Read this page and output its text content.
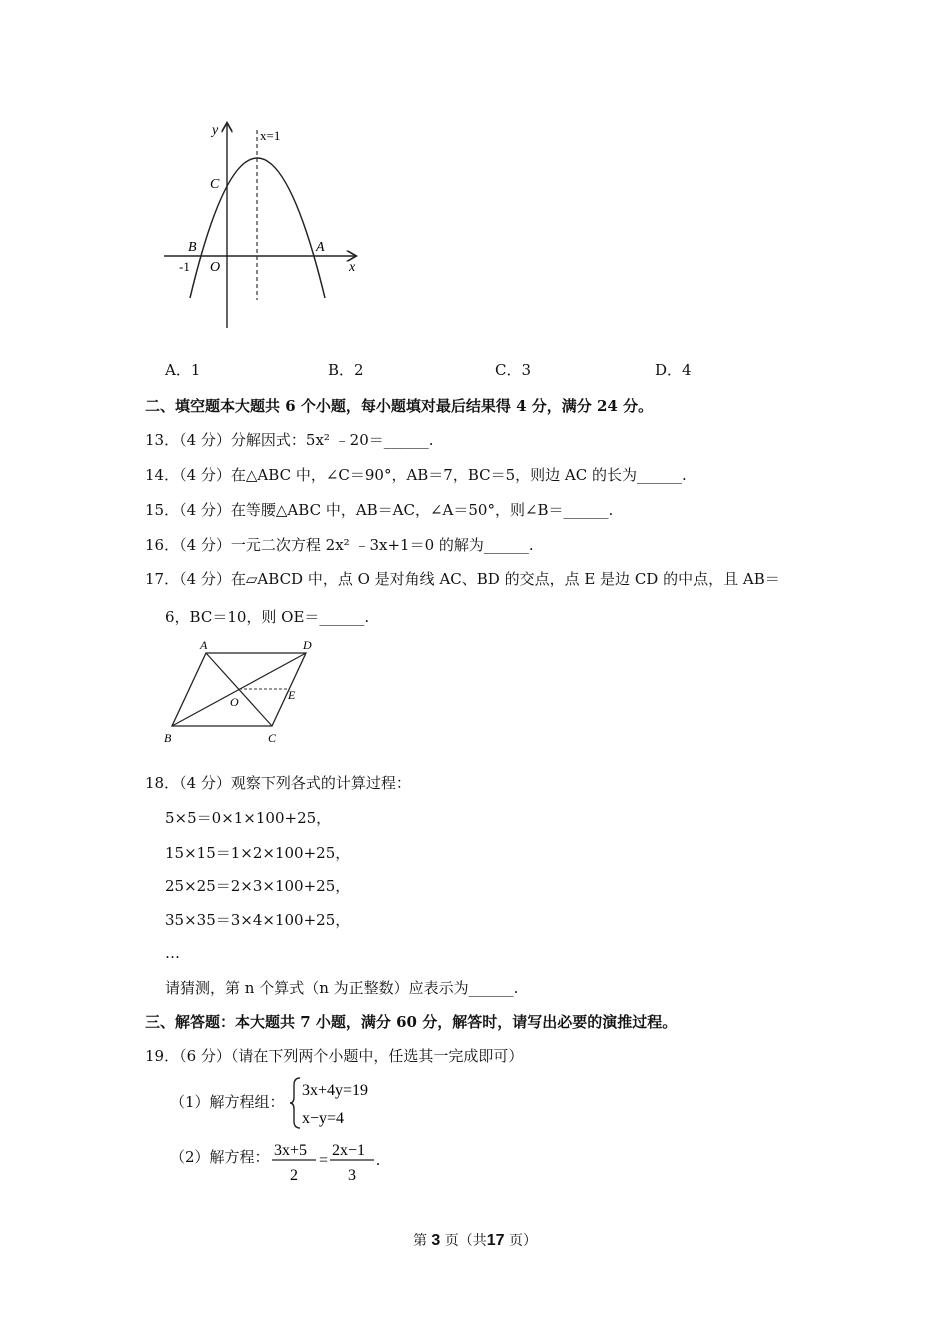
y	x=1
C
B	A
-1 O	x
A．1	B．2	C．3	D．4
二、填空题本大题共 6 个小题，每小题填对最后结果得 4 分，满分 24 分。
13．（4 分）分解因式：5x² ﹣20＝______.
14．（4 分）在△ABC 中，∠C＝90°，AB＝7，BC＝5，则边 AC 的长为______.
15．（4 分）在等腰△ABC 中，AB＝AC，∠A＝50°，则∠B＝______.
16．（4 分）一元二次方程 2x² ﹣3x+1＝0 的解为______.
17．（4 分）在▱ABCD 中，点 O 是对角线 AC、BD 的交点，点 E 是边 CD 的中点，且 AB＝
6，BC＝10，则 OE＝______.
A	D
O	E
B	C
18．（4 分）观察下列各式的计算过程：
5×5＝0×1×100+25，
15×15＝1×2×100+25，
25×25＝2×3×100+25，
35×35＝3×4×100+25，
…
请猜测，第 n 个算式（n 为正整数）应表示为______.
三、解答题：本大题共 7 小题，满分 60 分，解答时，请写出必要的演推过程。
19．（6 分）（请在下列两个小题中，任选其一完成即可）
（1）解方程组：
3x+4y=19
x−y=4
（2）解方程： 3x+5
2
=
2x−1
3
.
第 3 页（共17 页）
